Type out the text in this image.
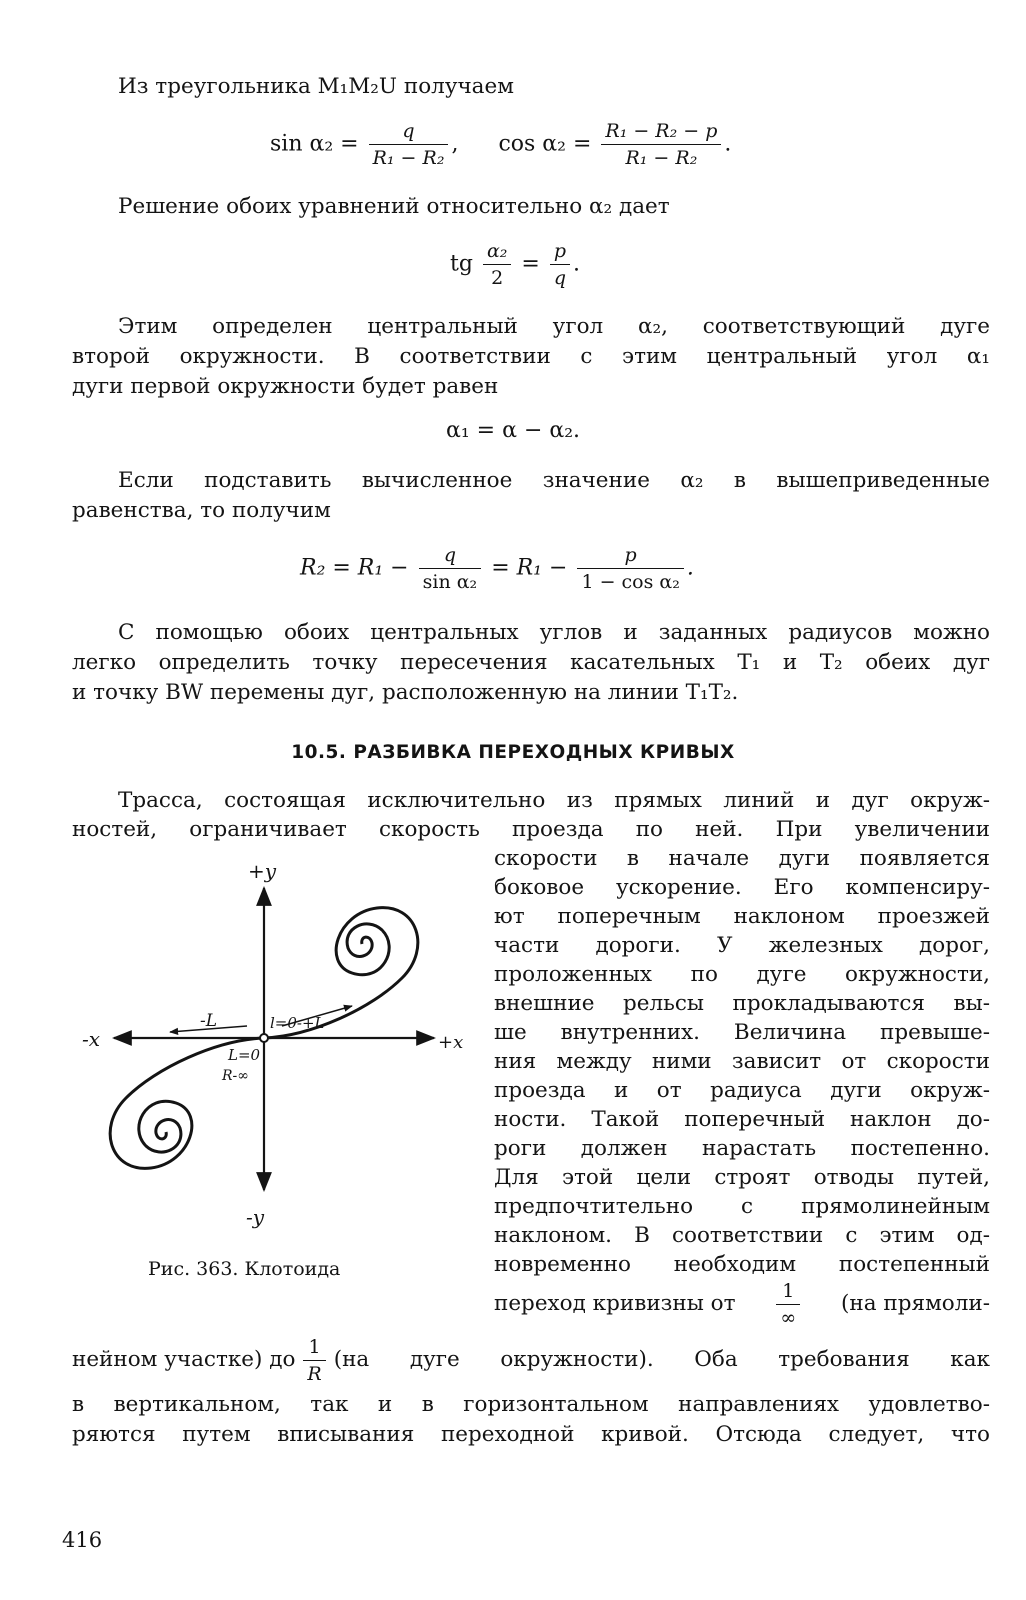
Из треугольника M₁M₂U получаем
$\sin \alpha_2 = \frac{q}{\text{R₁ − R₂}}$ , $\cos \alpha_2 = \frac{\text{R₁ − R₂ − p}}{\text{R₁ − R₂}}$ .
Решение обоих уравнений относительно α₂ дает
tg $\frac{\text{α₂}}{2} = \frac{p}{q}$ .
Этим определен центральный угол α₂, соответствующий дуге
второй окружности. В соответствии с этим центральный угол α₁
дуги первой окружности будет равен
α₁ = α − α₂.
Если подставить вычисленное значение α₂ в вышеприведенные
равенства, то получим
$R_2 = R_1 - \frac{q}{\text{sin α₂}} = R_1 - \frac{p}{\text{1 − cos α₂}}$ .
С помощью обоих центральных углов и заданных радиусов можно
легко определить точку пересечения касательных T₁ и T₂ обеих дуг
и точку BW перемены дуг, расположенную на линии T₁T₂.
10.5. РАЗБИВКА ПЕРЕХОДНЫХ КРИВЫХ
Трасса, состоящая исключительно из прямых линий и дуг окруж-
ностей, ограничивает скорость проезда по ней. При увеличении
скорости в начале дуги появляется
боковое ускорение. Его компенсиру-
ют поперечным наклоном проезжей
части дороги. У железных дорог,
проложенных по дуге окружности,
внешние рельсы прокладываются вы-
ше внутренних. Величина превыше-
ния между ними зависит от скорости
проезда и от радиуса дуги окруж-
ности. Такой поперечный наклон до-
роги должен нарастать постепенно.
Для этой цели строят отводы путей,
предпочтительно с прямолинейным
наклоном. В соответствии с этим од-
новременно необходим постепенный
переход кривизны от $\frac{1}{\infty} (на$ прямоли-
нейном участке) до $\frac{1}{R} (на$ дуге окружности). Оба требования как
в вертикальном, так и в горизонтальном направлениях удовлетво-
ряются путем вписывания переходной кривой. Отсюда следует, что
+y
-y
-x	+x
-L	l=0-+L
L=0
R-∞
Рис. 363. Клотоида
416
